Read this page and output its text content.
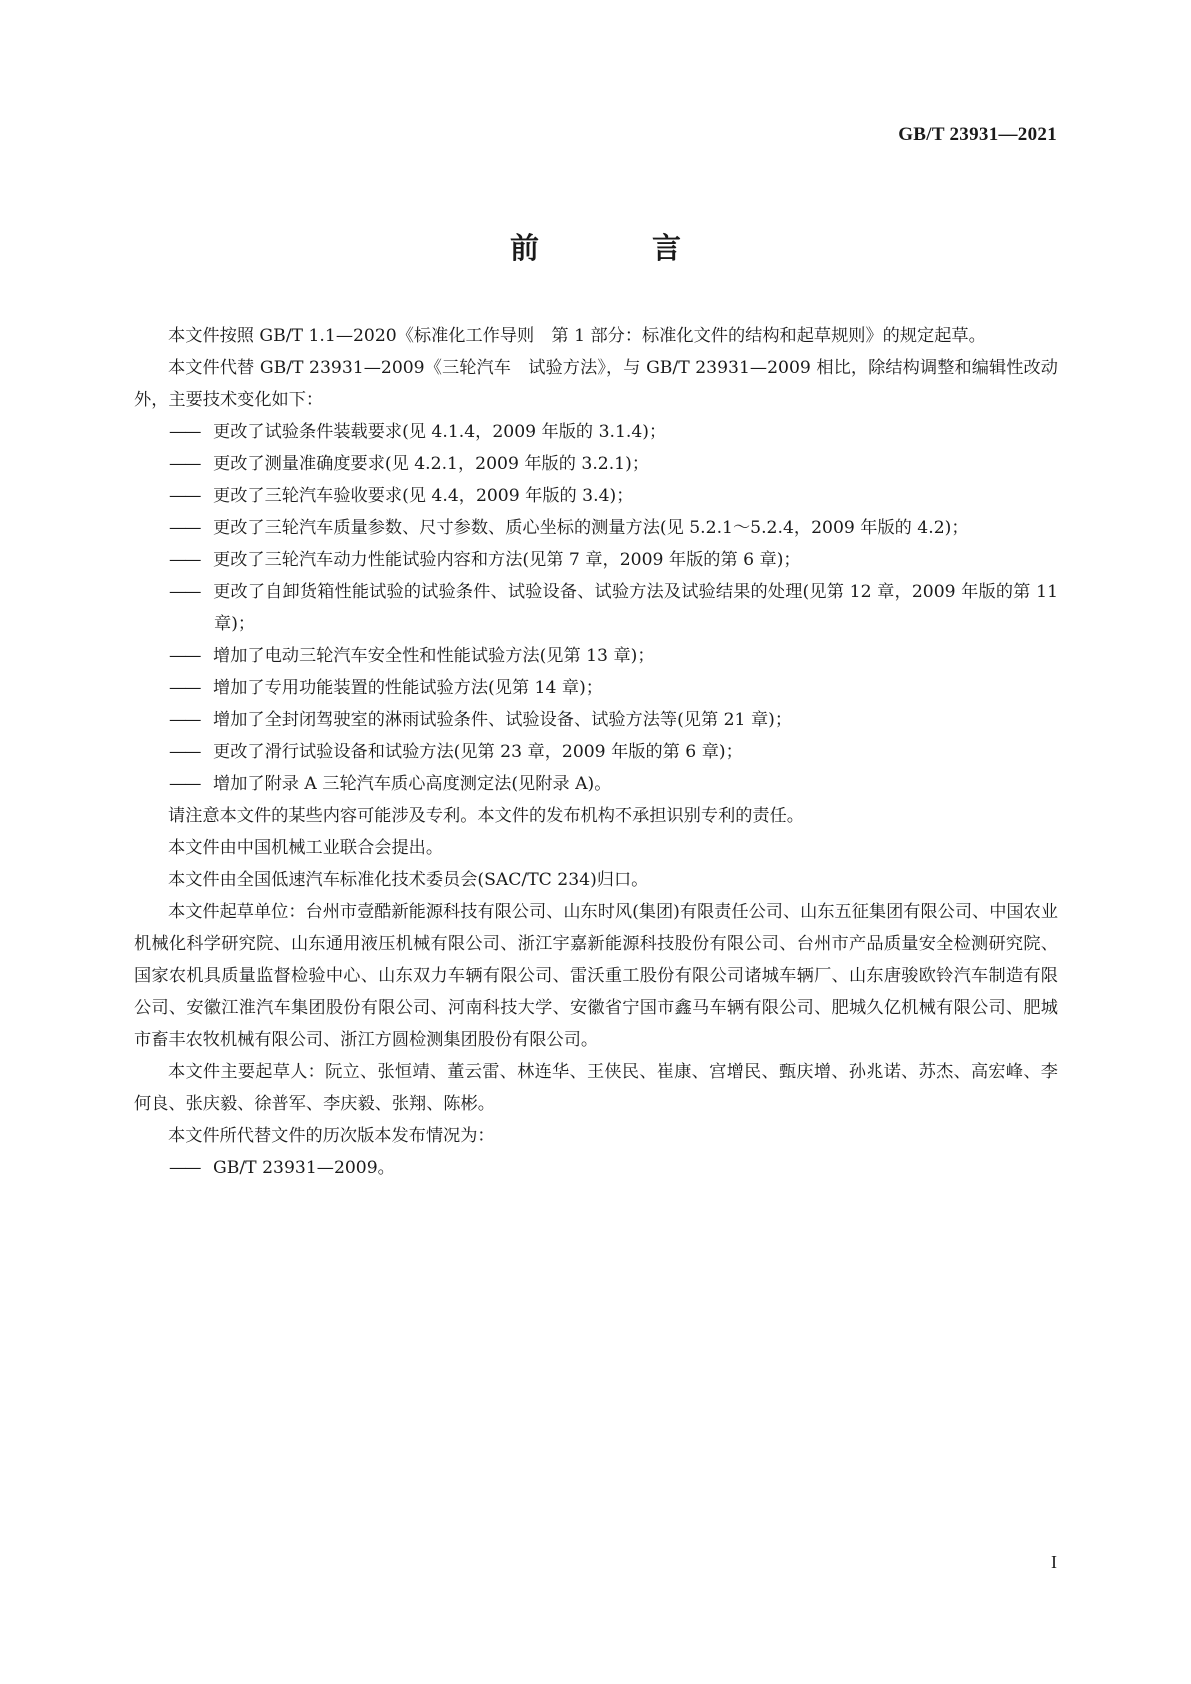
GB/T 23931—2021
前　言

本文件按照 GB/T 1.1—2020《标准化工作导则　第 1 部分：标准化文件的结构和起草规则》的规定起草。

本文件代替 GB/T 23931—2009《三轮汽车　试验方法》，与 GB/T 23931—2009 相比，除结构调整和编辑性改动外，主要技术变化如下：

—— 更改了试验条件装载要求(见 4.1.4，2009 年版的 3.1.4)；
—— 更改了测量准确度要求(见 4.2.1，2009 年版的 3.2.1)；
—— 更改了三轮汽车验收要求(见 4.4，2009 年版的 3.4)；
—— 更改了三轮汽车质量参数、尺寸参数、质心坐标的测量方法(见 5.2.1～5.2.4，2009 年版的 4.2)；
—— 更改了三轮汽车动力性能试验内容和方法(见第 7 章，2009 年版的第 6 章)；
—— 更改了自卸货箱性能试验的试验条件、试验设备、试验方法及试验结果的处理(见第 12 章，2009 年版的第 11 章)；
—— 增加了电动三轮汽车安全性和性能试验方法(见第 13 章)；
—— 增加了专用功能装置的性能试验方法(见第 14 章)；
—— 增加了全封闭驾驶室的淋雨试验条件、试验设备、试验方法等(见第 21 章)；
—— 更改了滑行试验设备和试验方法(见第 23 章，2009 年版的第 6 章)；
—— 增加了附录 A 三轮汽车质心高度测定法(见附录 A)。

请注意本文件的某些内容可能涉及专利。本文件的发布机构不承担识别专利的责任。

本文件由中国机械工业联合会提出。

本文件由全国低速汽车标准化技术委员会(SAC/TC 234)归口。

本文件起草单位：台州市壹酷新能源科技有限公司、山东时风(集团)有限责任公司、山东五征集团有限公司、中国农业机械化科学研究院、山东通用液压机械有限公司、浙江宇嘉新能源科技股份有限公司、台州市产品质量安全检测研究院、国家农机具质量监督检验中心、山东双力车辆有限公司、雷沃重工股份有限公司诸城车辆厂、山东唐骏欧铃汽车制造有限公司、安徽江淮汽车集团股份有限公司、河南科技大学、安徽省宁国市鑫马车辆有限公司、肥城久亿机械有限公司、肥城市畜丰农牧机械有限公司、浙江方圆检测集团股份有限公司。

本文件主要起草人：阮立、张恒靖、董云雷、林连华、王侠民、崔康、宫增民、甄庆增、孙兆诺、苏杰、高宏峰、李何良、张庆毅、徐普军、李庆毅、张翔、陈彬。

本文件所代替文件的历次版本发布情况为：

—— GB/T 23931—2009。
I
